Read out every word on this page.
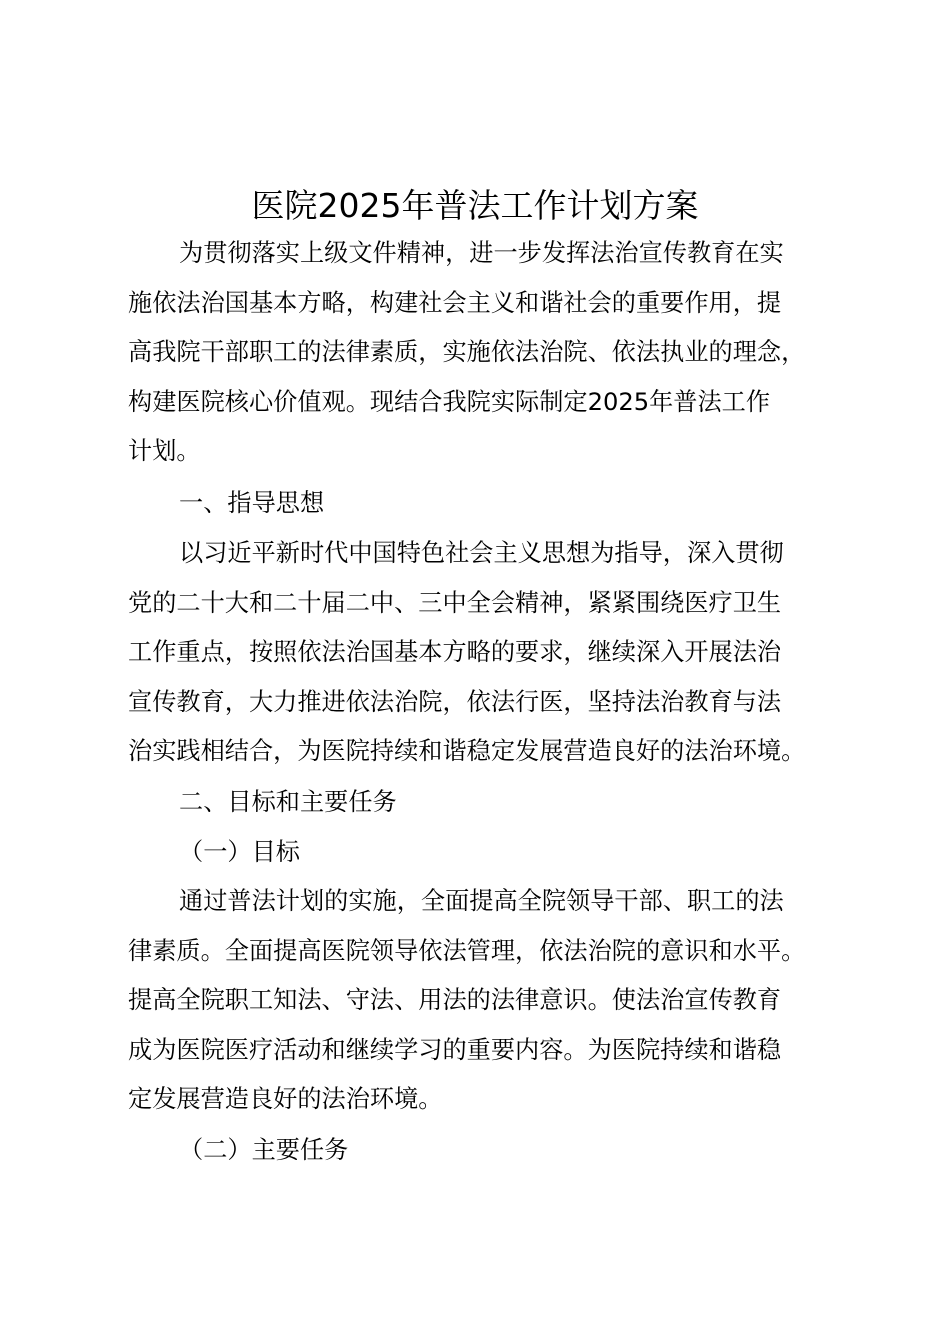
医院2025年普法工作计划方案
为贯彻落实上级文件精神，进一步发挥法治宣传教育在实
施依法治国基本方略，构建社会主义和谐社会的重要作用，提
高我院干部职工的法律素质，实施依法治院、依法执业的理念，
构建医院核心价值观。现结合我院实际制定2025年普法工作
计划。
一、指导思想
以习近平新时代中国特色社会主义思想为指导，深入贯彻
党的二十大和二十届二中、三中全会精神，紧紧围绕医疗卫生
工作重点，按照依法治国基本方略的要求，继续深入开展法治
宣传教育，大力推进依法治院，依法行医，坚持法治教育与法
治实践相结合，为医院持续和谐稳定发展营造良好的法治环境。
二、目标和主要任务
（一）目标
通过普法计划的实施，全面提高全院领导干部、职工的法
律素质。全面提高医院领导依法管理，依法治院的意识和水平。
提高全院职工知法、守法、用法的法律意识。使法治宣传教育
成为医院医疗活动和继续学习的重要内容。为医院持续和谐稳
定发展营造良好的法治环境。
（二）主要任务
